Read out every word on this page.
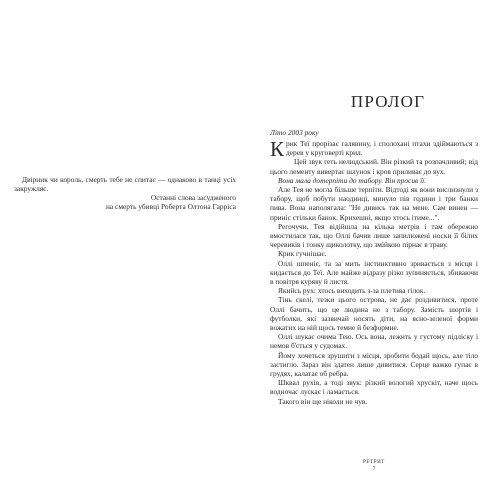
Двірник чи король, смерть тебе не спитає — однаково в танці усіх закружляє.

Останні слова засудженого

на смерть убивці Роберта Олтона Гарріса

ПРОЛОГ

Літо 2003 року

Крик Теї прорізає галявину, і сполохані птахи здіймаються з дерев у круговерті крил.

Цей звук геть нелюдський. Він різкий та розпачливий; від цього лементу вивертає шлунок і кров приливає до вух.

Вона мала дотерпіти до табору. Він просив її.

Але Тея не могла більше терпіти. Відтоді як вони вислизнули з табору, щоб побути наодинці, минуло пів години і три банки пива. Вона наполягала: "Не дивись так на мене. Сам винен — приніс стільки банок. Крихешні, якщо хтось ітиме...".

Регочучи, Тея відійшла на кілька метрів і там обережно вмостилася так, що Оллі бачив лише запилюжені носки її білих черевиків і тонку щиколотку, що змійкою пірнає в траву.

Крик гучнішає.

Оллі шпеніє, та за мить інстинктивно зривається з місця і кидається до Теї. Але майже відразу різко зупиняється, збиваючи в повітря куряву й листя.

Якийсь рух: хтось виходить з-за плетива гілок.

Тінь скелі, тезки цього острова, не дає роздивитися, проте Оллі бачить, що це людина не з табору. Замість шортів і футболки, які зазвичай носять діти, на ясно-зеленої форми вожатих на ній щось темне й безформне.

Оллі шукає очима Тею. Ось вона, лежить у густому підліску і немов б'ється у судомах.

Йому хочеться зрушити з місця, зробити бодай щось, але тіло застигло. Зараз він здатен лише дивитися. Серце важко гупає в грудях, калатає об ребра.

Шквал рухів, а тоді звук: різкий вологий хрускіт, наче щось водночас лускає і ламається.

Такого він ще ніколи не чув.

РЕТРИТ
7
